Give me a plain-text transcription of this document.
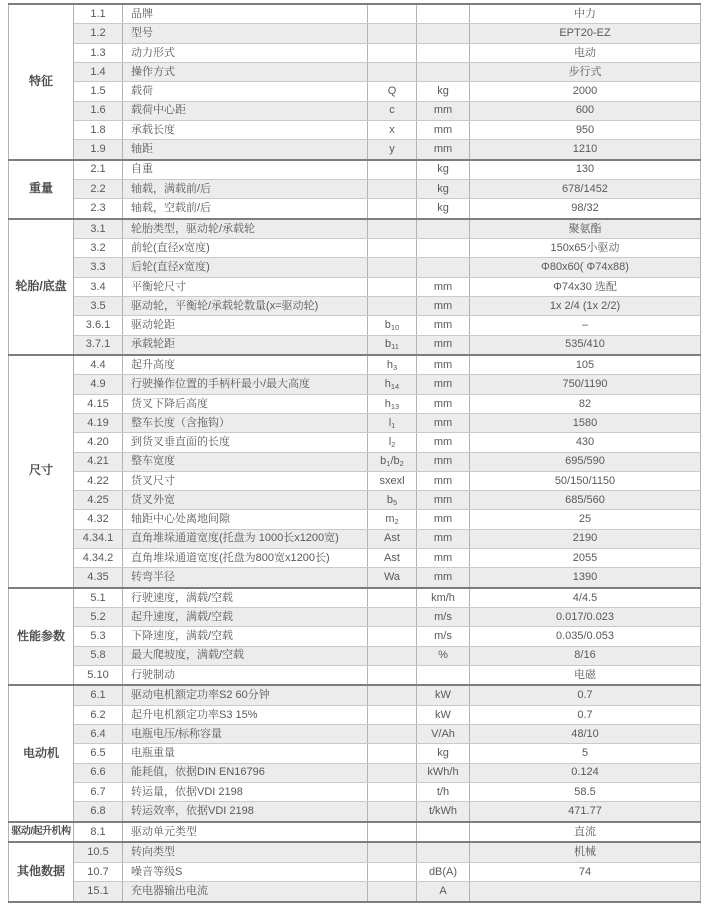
特征	1.1	品牌			中力
	1.2	型号			EPT20-EZ
	1.3	动力形式			电动
	1.4	操作方式			步行式
	1.5	载荷	Q	kg	2000
	1.6	载荷中心距	c	mm	600
	1.8	承载长度	x	mm	950
	1.9	轴距	y	mm	1210
重量	2.1	自重		kg	130
	2.2	轴载，满载前/后		kg	678/1452
	2.3	轴载，空载前/后		kg	98/32
轮胎/底盘	3.1	轮胎类型，驱动轮/承载轮			聚氨酯
	3.2	前轮(直径x宽度)			150x65小驱动
	3.3	后轮(直径x宽度)			Φ80x60( Φ74x88)
	3.4	平衡轮尺寸		mm	Φ74x30 选配
	3.5	驱动轮，平衡轮/承载轮数量(x=驱动轮)		mm	1x 2/4 (1x 2/2)
	3.6.1	驱动轮距	$b_{10}$	mm	–
	3.7.1	承载轮距	$b_{11}$	mm	535/410
尺寸	4.4	起升高度	$h_3$	mm	105
	4.9	行驶操作位置的手柄杆最小/最大高度	$h_{14}$	mm	750/1190
	4.15	货叉下降后高度	$h_{13}$	mm	82
	4.19	整车长度（含拖钩）	$l_1$	mm	1580
	4.20	到货叉垂直面的长度	$l_2$	mm	430
	4.21	整车宽度	$b_1/b_2$	mm	695/590
	4.22	货叉尺寸	sxexl	mm	50/150/1150
	4.25	货叉外宽	$b_5$	mm	685/560
	4.32	轴距中心处离地间隙	$m_2$	mm	25
	4.34.1	直角堆垛通道宽度(托盘为 1000长x1200宽)	Ast	mm	2190
	4.34.2	直角堆垛通道宽度(托盘为800宽x1200长)	Ast	mm	2055
	4.35	转弯半径	Wa	mm	1390
性能参数	5.1	行驶速度，满载/空载		km/h	4/4.5
	5.2	起升速度，满载/空载		m/s	0.017/0.023
	5.3	下降速度，满载/空载		m/s	0.035/0.053
	5.8	最大爬坡度，满载/空载		%	8/16
	5.10	行驶制动			电磁
电动机	6.1	驱动电机额定功率S2 60分钟		kW	0.7
	6.2	起升电机额定功率S3 15%		kW	0.7
	6.4	电瓶电压/标称容量		V/Ah	48/10
	6.5	电瓶重量		kg	5
	6.6	能耗值，依据DIN EN16796		kWh/h	0.124
	6.7	转运量，依据VDI 2198		t/h	58.5
	6.8	转运效率，依据VDI 2198		t/kWh	471.77
驱动/起升机构	8.1	驱动单元类型			直流
其他数据	10.5	转向类型			机械
	10.7	噪音等级S		dB(A)	74
	15.1	充电器输出电流		A	
